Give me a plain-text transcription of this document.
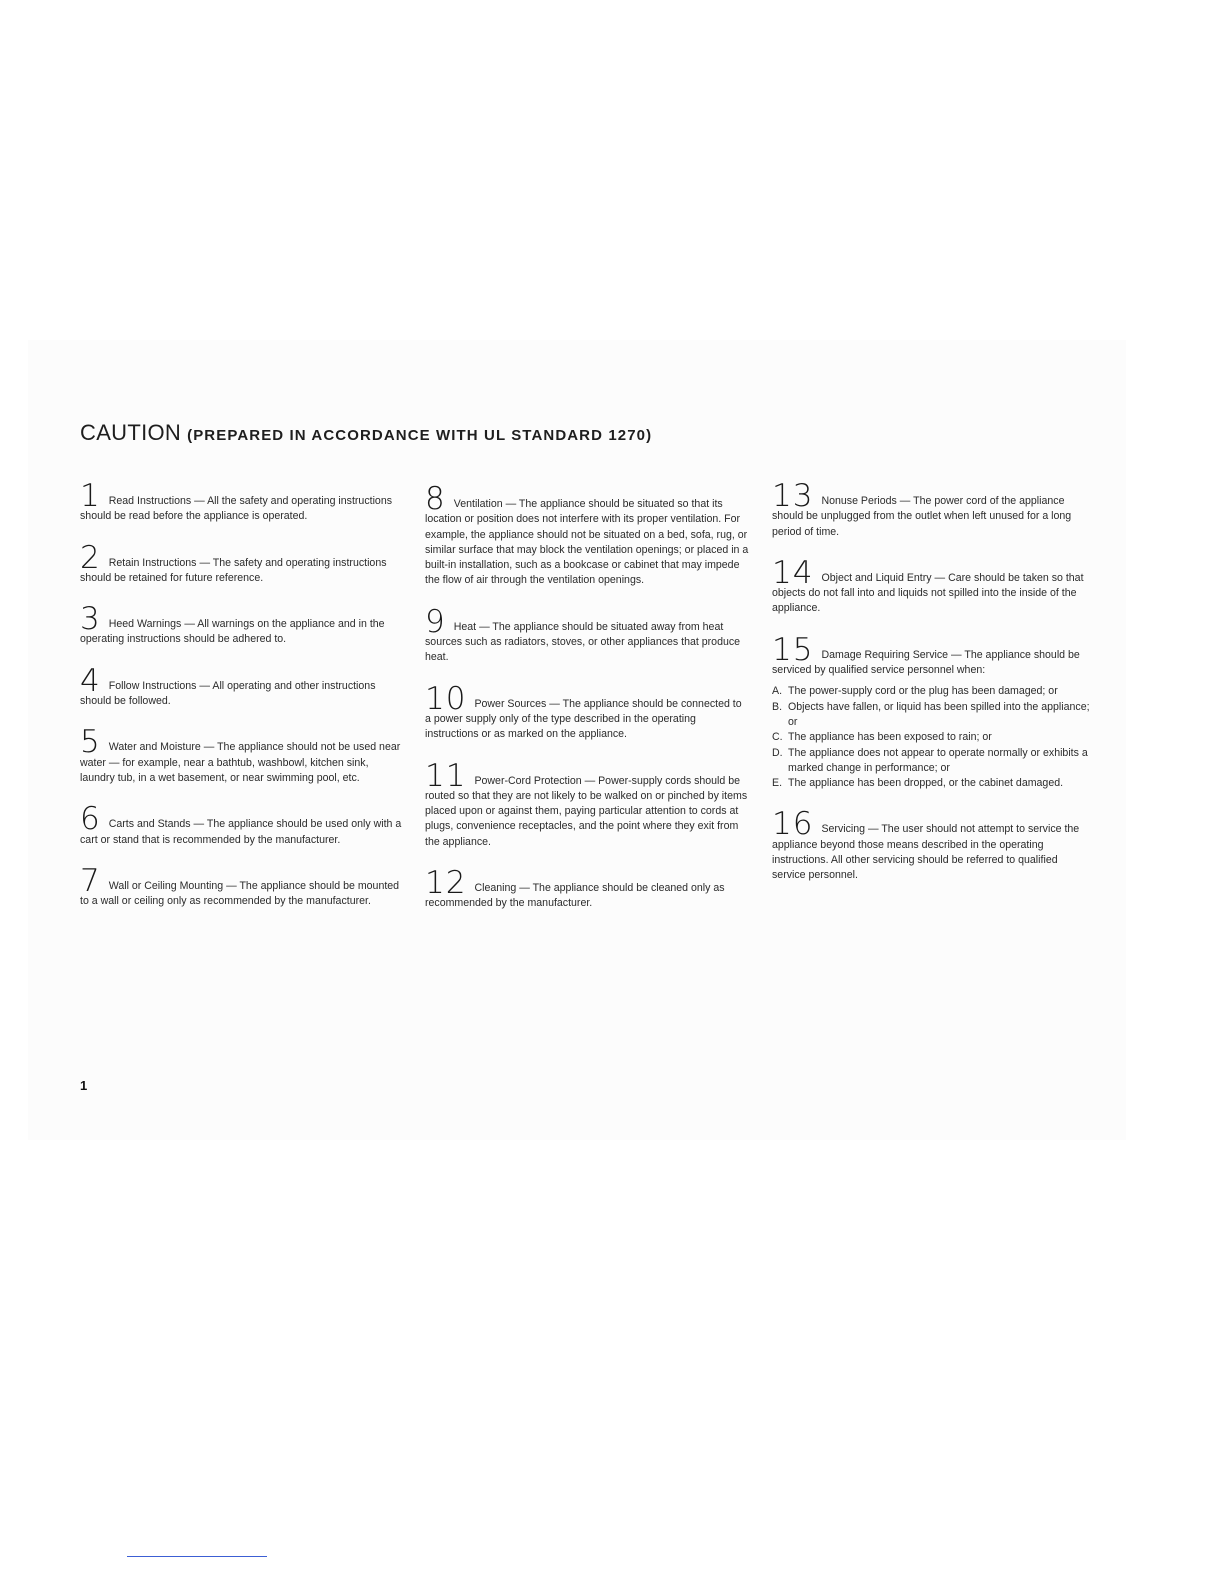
CAUTION (PREPARED IN ACCORDANCE WITH UL STANDARD 1270)

1 Read Instructions — All the safety and operating instructions should be read before the appliance is operated.

2 Retain Instructions — The safety and operating instructions should be retained for future reference.

3 Heed Warnings — All warnings on the appliance and in the operating instructions should be adhered to.

4 Follow Instructions — All operating and other instructions should be followed.

5 Water and Moisture — The appliance should not be used near water — for example, near a bathtub, washbowl, kitchen sink, laundry tub, in a wet basement, or near swimming pool, etc.

6 Carts and Stands — The appliance should be used only with a cart or stand that is recommended by the manufacturer.

7 Wall or Ceiling Mounting — The appliance should be mounted to a wall or ceiling only as recommended by the manufacturer.

8 Ventilation — The appliance should be situated so that its location or position does not interfere with its proper ventilation. For example, the appliance should not be situated on a bed, sofa, rug, or similar surface that may block the ventilation openings; or placed in a built-in installation, such as a bookcase or cabinet that may impede the flow of air through the ventilation openings.

9 Heat — The appliance should be situated away from heat sources such as radiators, stoves, or other appliances that produce heat.

10 Power Sources — The appliance should be connected to a power supply only of the type described in the operating instructions or as marked on the appliance.

11 Power-Cord Protection — Power-supply cords should be routed so that they are not likely to be walked on or pinched by items placed upon or against them, paying particular attention to cords at plugs, convenience receptacles, and the point where they exit from the appliance.

12 Cleaning — The appliance should be cleaned only as recommended by the manufacturer.

13 Nonuse Periods — The power cord of the appliance should be unplugged from the outlet when left unused for a long period of time.

14 Object and Liquid Entry — Care should be taken so that objects do not fall into and liquids not spilled into the inside of the appliance.

15 Damage Requiring Service — The appliance should be serviced by qualified service personnel when:

A. The power-supply cord or the plug has been damaged; or
B. Objects have fallen, or liquid has been spilled into the appliance; or
C. The appliance has been exposed to rain; or
D. The appliance does not appear to operate normally or exhibits a marked change in performance; or
E. The appliance has been dropped, or the cabinet damaged.

16 Servicing — The user should not attempt to service the appliance beyond those means described in the operating instructions. All other servicing should be referred to qualified service personnel.

1
